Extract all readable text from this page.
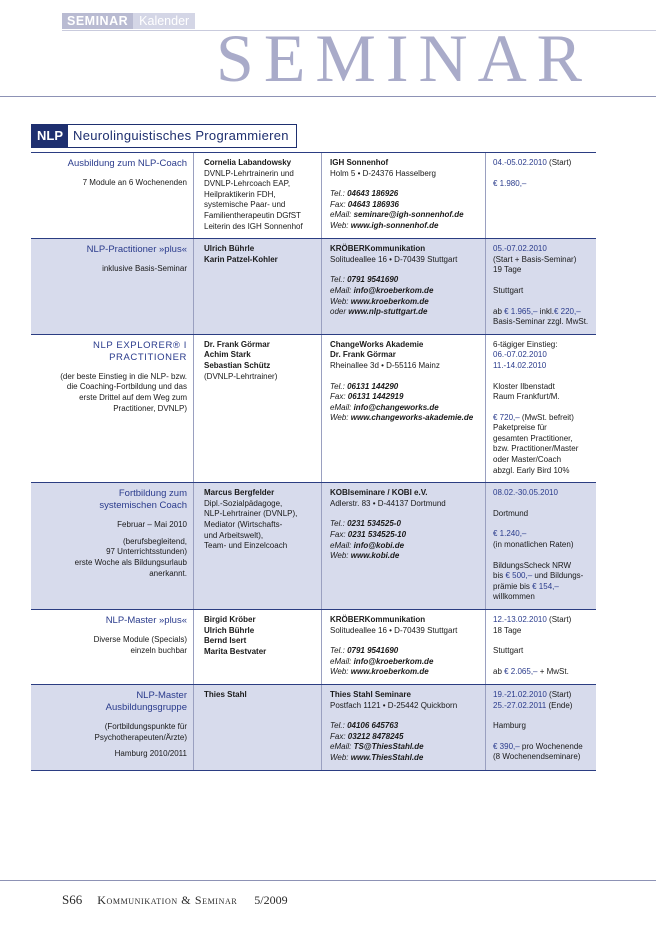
SEMINAR Kalender SEMINAR
NLP Neurolinguistisches Programmieren
Ausbildung zum NLP-Coach
7 Module an 6 Wochenenden
Cornelia Labandowsky
DVNLP-Lehrtrainerin und
DVNLP-Lehrcoach EAP,
Heilpraktikerin FDH,
systemische Paar- und
Familientherapeutin DGfST
Leiterin des IGH Sonnenhof
IGH Sonnenhof
Holm 5 • D-24376 Hasselberg
Tel.: 04643 186926
Fax: 04643 186936
eMail: seminare@igh-sonnenhof.de
Web: www.igh-sonnenhof.de
04.-05.02.2010 (Start)
€ 1.980,–
NLP-Practitioner »plus«
inklusive Basis-Seminar
Ulrich Bührle
Karin Patzel-Kohler
KRÖBERKommunikation
Solitudeallee 16 • D-70439 Stuttgart
Tel.: 0791 9541690
eMail: info@kroeberkom.de
Web: www.kroeberkom.de
oder www.nlp-stuttgart.de
05.-07.02.2010
(Start + Basis-Seminar)
19 Tage
Stuttgart
ab € 1.965,– inkl.€ 220,–
Basis-Seminar zzgl. MwSt.
NLP EXPLORER® I
PRACTITIONER
(der beste Einstieg in die NLP- bzw.
die Coaching-Fortbildung und das
erste Drittel auf dem Weg zum
Practitioner, DVNLP)
Dr. Frank Görmar
Achim Stark
Sebastian Schütz
(DVNLP-Lehrtrainer)
ChangeWorks Akademie
Dr. Frank Görmar
Rheinallee 3d • D-55116 Mainz
Tel.: 06131 144290
Fax: 06131 1442919
eMail: info@changeworks.de
Web: www.changeworks-akademie.de
6-tägiger Einstieg:
06.-07.02.2010
11.-14.02.2010
Kloster Ilbenstadt
Raum Frankfurt/M.
€ 720,– (MwSt. befreit)
Paketpreise für
gesamten Practitioner,
bzw. Practitioner/Master
oder Master/Coach
abzgl. Early Bird 10%
Fortbildung zum
systemischen Coach
Februar – Mai 2010
(berufsbegleitend,
97 Unterrichtsstunden)
erste Woche als Bildungsurlaub
anerkannt.
Marcus Bergfelder
Dipl.-Sozialpädagoge,
NLP-Lehrtrainer (DVNLP),
Mediator (Wirtschafts-
und Arbeitswelt),
Team- und Einzelcoach
KOBIseminare / KOBI e.V.
Adlerstr. 83 • D-44137 Dortmund
Tel.: 0231 534525-0
Fax: 0231 534525-10
eMail: info@kobi.de
Web: www.kobi.de
08.02.-30.05.2010
Dortmund
€ 1.240,–
(in monatlichen Raten)
BildungsScheck NRW
bis € 500,– und Bildungs-
prämie bis € 154,–
willkommen
NLP-Master »plus«
Diverse Module (Specials)
einzeln buchbar
Birgid Kröber
Ulrich Bührle
Bernd Isert
Marita Bestvater
KRÖBERKommunikation
Solitudeallee 16 • D-70439 Stuttgart
Tel.: 0791 9541690
eMail: info@kroeberkom.de
Web: www.kroeberkom.de
12.-13.02.2010 (Start)
18 Tage
Stuttgart
ab € 2.065,– + MwSt.
NLP-Master
Ausbildungsgruppe
(Fortbildungspunkte für
Psychotherapeuten/Ärzte)
Hamburg 2010/2011
Thies Stahl	Thies Stahl Seminare
Postfach 1121 • D-25442 Quickborn
Tel.: 04106 645763
Fax: 03212 8478245
eMail: TS@ThiesStahl.de
Web: www.ThiesStahl.de
19.-21.02.2010 (Start)
25.-27.02.2011 (Ende)
Hamburg
€ 390,– pro Wochenende
(8 Wochenendseminare)
S66 Kommunikation & Seminar 5/2009
